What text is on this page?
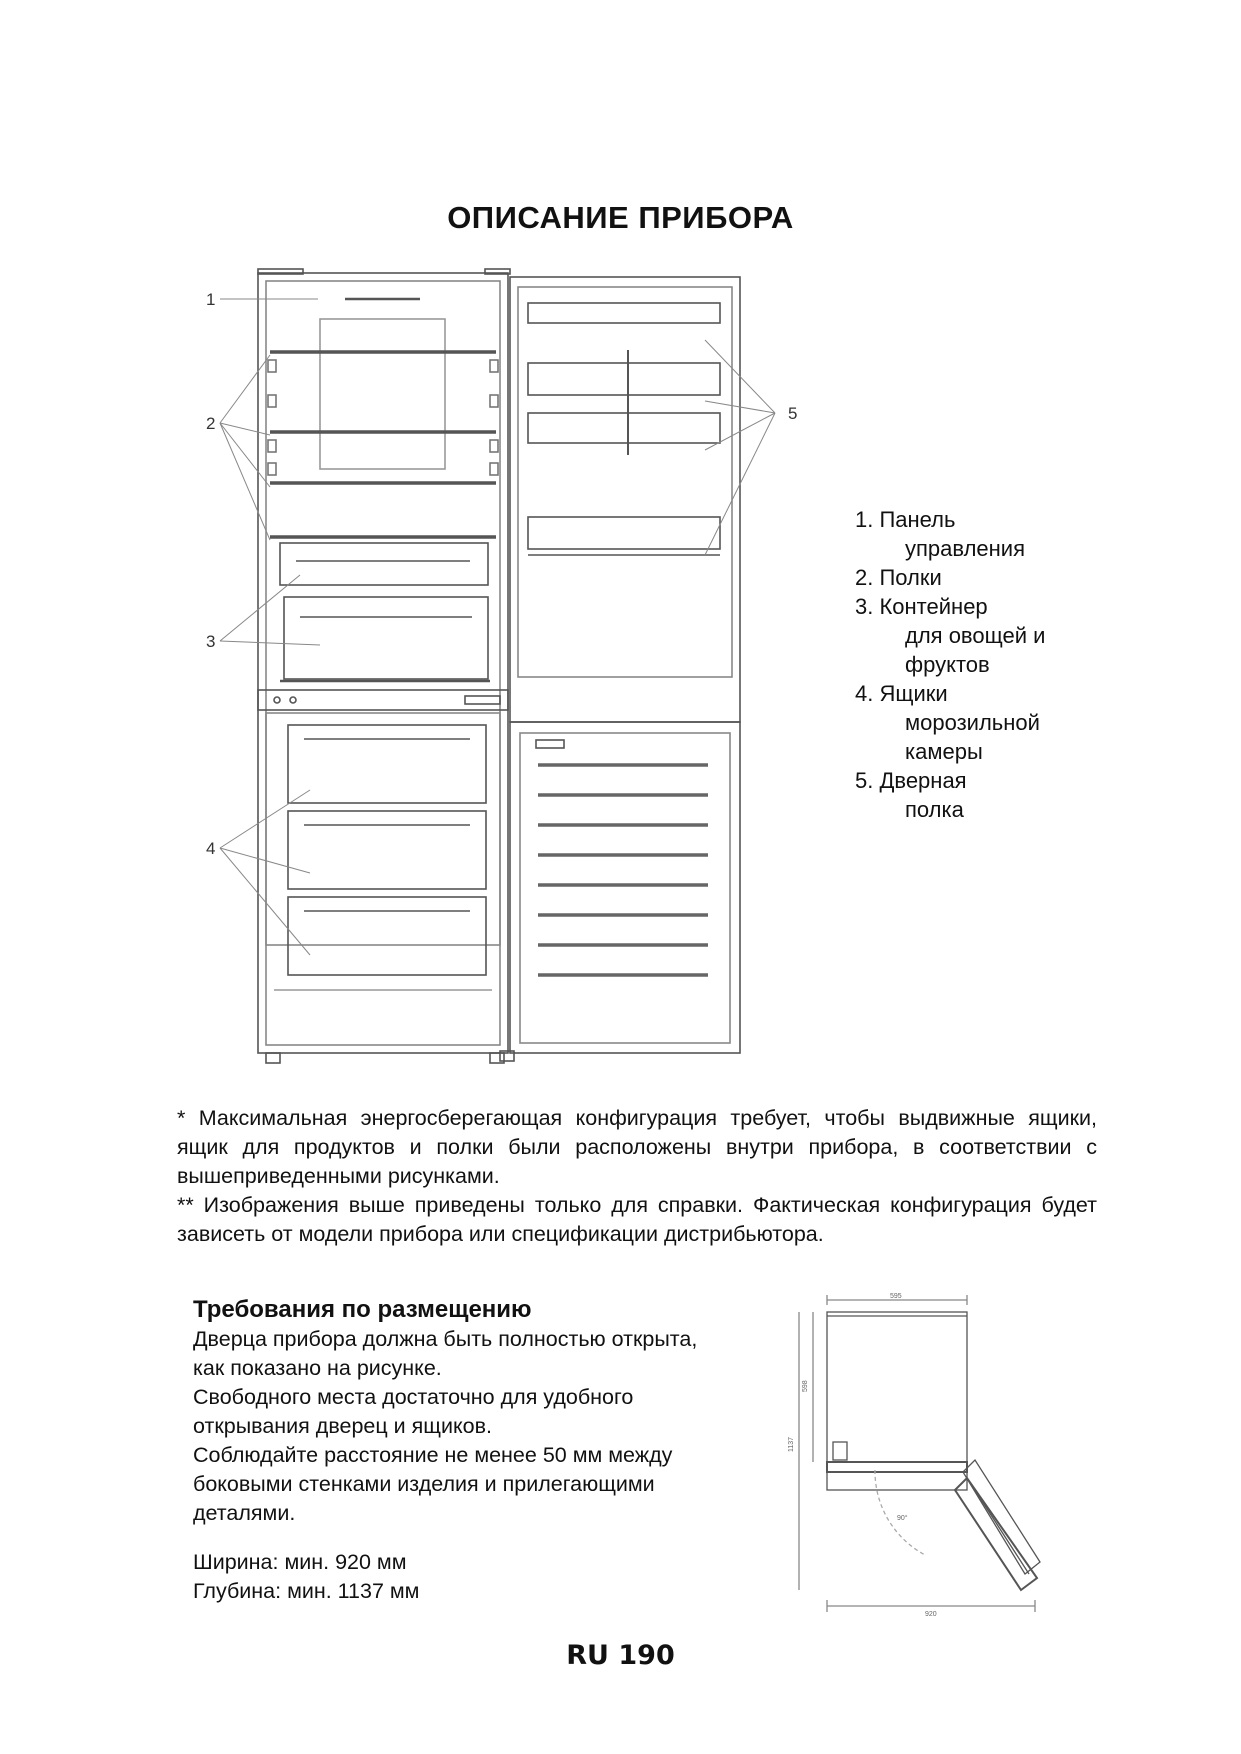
ОПИСАНИЕ ПРИБОРА
1
2
3
4
5
1. Панель
управления
2. Полки
3. Контейнер
для овощей и
фруктов
4. Ящики
морозильной
камеры
5. Дверная
полка

* Максимальная энергосберегающая конфигурация требует, чтобы выдвижные ящики, ящик для продуктов и полки были расположены внутри прибора, в соответствии с вышеприведенными рисунками.

** Изображения выше приведены только для справки. Фактическая конфигурация будет зависеть от модели прибора или спецификации дистрибьютора.

Требования по размещению

Дверца прибора должна быть полностью открыта, как показано на рисунке.

Свободного места достаточно для удобного открывания дверец и ящиков.

Соблюдайте расстояние не менее 50 мм между боковыми стенками изделия и прилегающими деталями.

Ширина: мин. 920 мм

Глубина: мин. 1137 мм

595
598
1137
90°
920
RU 190
